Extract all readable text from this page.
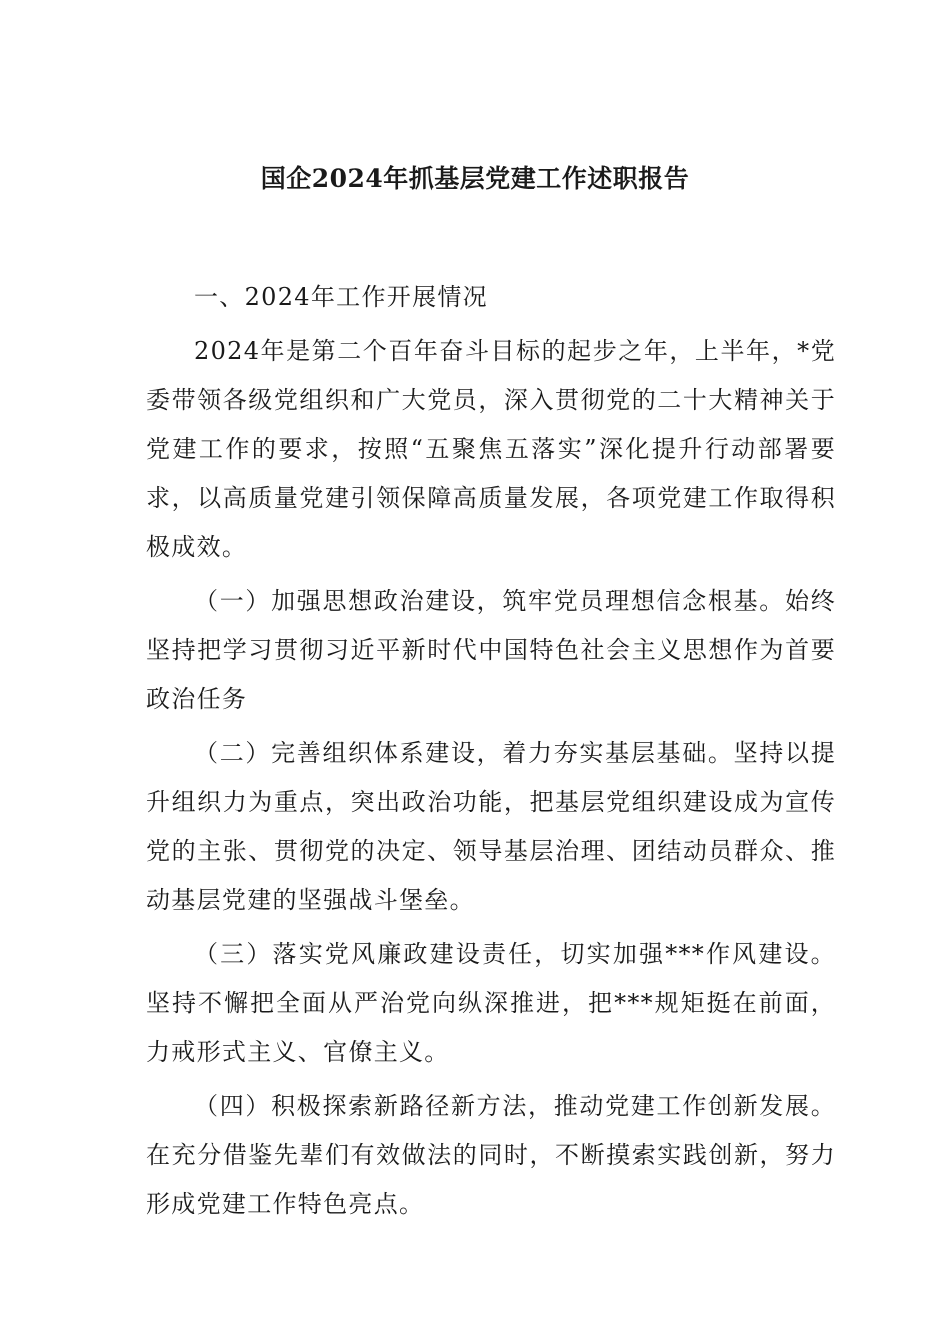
国企2024年抓基层党建工作述职报告

一、2024年工作开展情况

2024年是第二个百年奋斗目标的起步之年，上半年，*党委带领各级党组织和广大党员，深入贯彻党的二十大精神关于党建工作的要求，按照“五聚焦五落实”深化提升行动部署要求，以高质量党建引领保障高质量发展，各项党建工作取得积极成效。

（一）加强思想政治建设，筑牢党员理想信念根基。始终坚持把学习贯彻习近平新时代中国特色社会主义思想作为首要政治任务

（二）完善组织体系建设，着力夯实基层基础。坚持以提升组织力为重点，突出政治功能，把基层党组织建设成为宣传党的主张、贯彻党的决定、领导基层治理、团结动员群众、推动基层党建的坚强战斗堡垒。

（三）落实党风廉政建设责任，切实加强***作风建设。坚持不懈把全面从严治党向纵深推进，把***规矩挺在前面，力戒形式主义、官僚主义。

（四）积极探索新路径新方法，推动党建工作创新发展。在充分借鉴先辈们有效做法的同时，不断摸索实践创新，努力形成党建工作特色亮点。
